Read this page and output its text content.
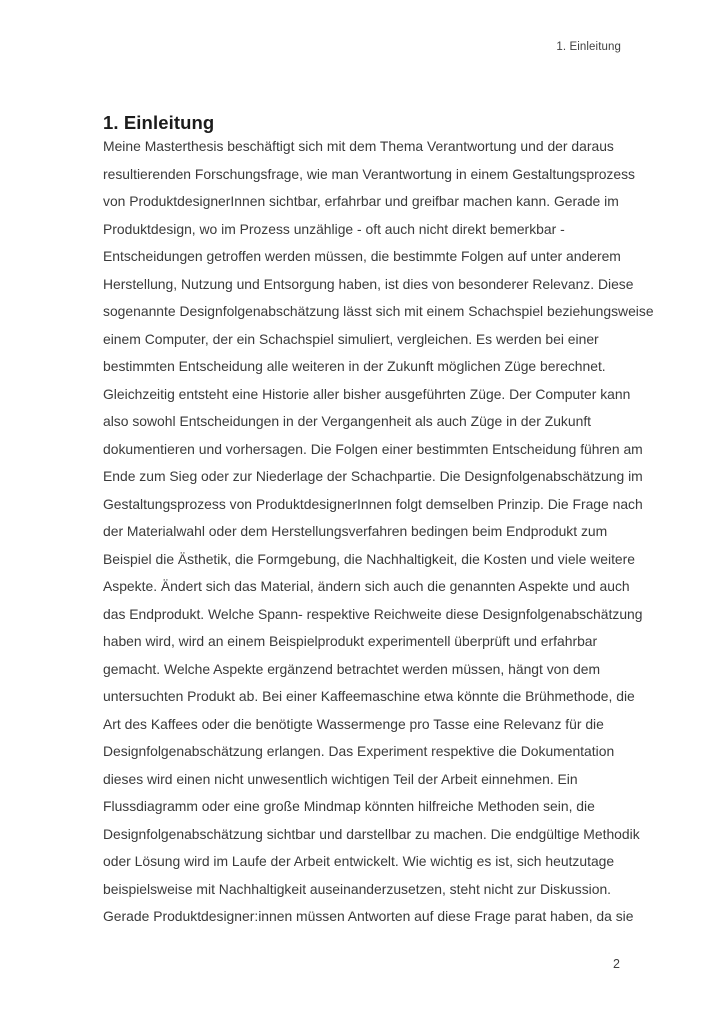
1. Einleitung
1. Einleitung
Meine Masterthesis beschäftigt sich mit dem Thema Verantwortung und der daraus
resultierenden Forschungsfrage, wie man Verantwortung in einem Gestaltungsprozess
von ProduktdesignerInnen sichtbar, erfahrbar und greifbar machen kann. Gerade im
Produktdesign, wo im Prozess unzählige - oft auch nicht direkt bemerkbar -
Entscheidungen getroffen werden müssen, die bestimmte Folgen auf unter anderem
Herstellung, Nutzung und Entsorgung haben, ist dies von besonderer Relevanz. Diese
sogenannte Designfolgenabschätzung lässt sich mit einem Schachspiel beziehungsweise
einem Computer, der ein Schachspiel simuliert, vergleichen. Es werden bei einer
bestimmten Entscheidung alle weiteren in der Zukunft möglichen Züge berechnet.
Gleichzeitig entsteht eine Historie aller bisher ausgeführten Züge. Der Computer kann
also sowohl Entscheidungen in der Vergangenheit als auch Züge in der Zukunft
dokumentieren und vorhersagen. Die Folgen einer bestimmten Entscheidung führen am
Ende zum Sieg oder zur Niederlage der Schachpartie. Die Designfolgenabschätzung im
Gestaltungsprozess von ProduktdesignerInnen folgt demselben Prinzip. Die Frage nach
der Materialwahl oder dem Herstellungsverfahren bedingen beim Endprodukt zum
Beispiel die Ästhetik, die Formgebung, die Nachhaltigkeit, die Kosten und viele weitere
Aspekte. Ändert sich das Material, ändern sich auch die genannten Aspekte und auch
das Endprodukt. Welche Spann- respektive Reichweite diese Designfolgenabschätzung
haben wird, wird an einem Beispielprodukt experimentell überprüft und erfahrbar
gemacht. Welche Aspekte ergänzend betrachtet werden müssen, hängt von dem
untersuchten Produkt ab. Bei einer Kaffeemaschine etwa könnte die Brühmethode, die
Art des Kaffees oder die benötigte Wassermenge pro Tasse eine Relevanz für die
Designfolgenabschätzung erlangen. Das Experiment respektive die Dokumentation
dieses wird einen nicht unwesentlich wichtigen Teil der Arbeit einnehmen. Ein
Flussdiagramm oder eine große Mindmap könnten hilfreiche Methoden sein, die
Designfolgenabschätzung sichtbar und darstellbar zu machen. Die endgültige Methodik
oder Lösung wird im Laufe der Arbeit entwickelt. Wie wichtig es ist, sich heutzutage
beispielsweise mit Nachhaltigkeit auseinanderzusetzen, steht nicht zur Diskussion.
Gerade Produktdesigner:innen müssen Antworten auf diese Frage parat haben, da sie
2
